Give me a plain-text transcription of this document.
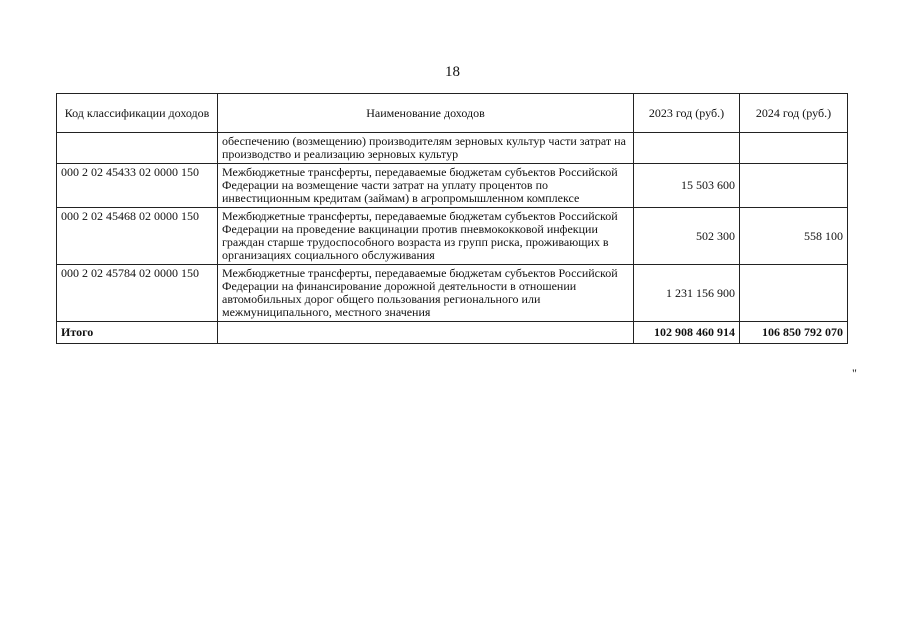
18
Код классификации доходов	Наименование доходов	2023 год (руб.)	2024 год (руб.)
	обеспечению (возмещению) производителям зерновых культур части затрат на производство и реализацию зерновых культур		
000 2 02 45433 02 0000 150	Межбюджетные трансферты, передаваемые бюджетам субъектов Российской Федерации на возмещение части затрат на уплату процентов по инвестиционным кредитам (займам) в агропромышленном комплексе	15 503 600	
000 2 02 45468 02 0000 150	Межбюджетные трансферты, передаваемые бюджетам субъектов Российской Федерации на проведение вакцинации против пневмококковой инфекции граждан старше трудоспособного возраста из групп риска, проживающих в организациях социального обслуживания	502 300	558 100
000 2 02 45784 02 0000 150	Межбюджетные трансферты, передаваемые бюджетам субъектов Российской Федерации на финансирование дорожной деятельности в отношении автомобильных дорог общего пользования регионального или межмуниципального, местного значения	1 231 156 900	
Итого		102 908 460 914	106 850 792 070
"
